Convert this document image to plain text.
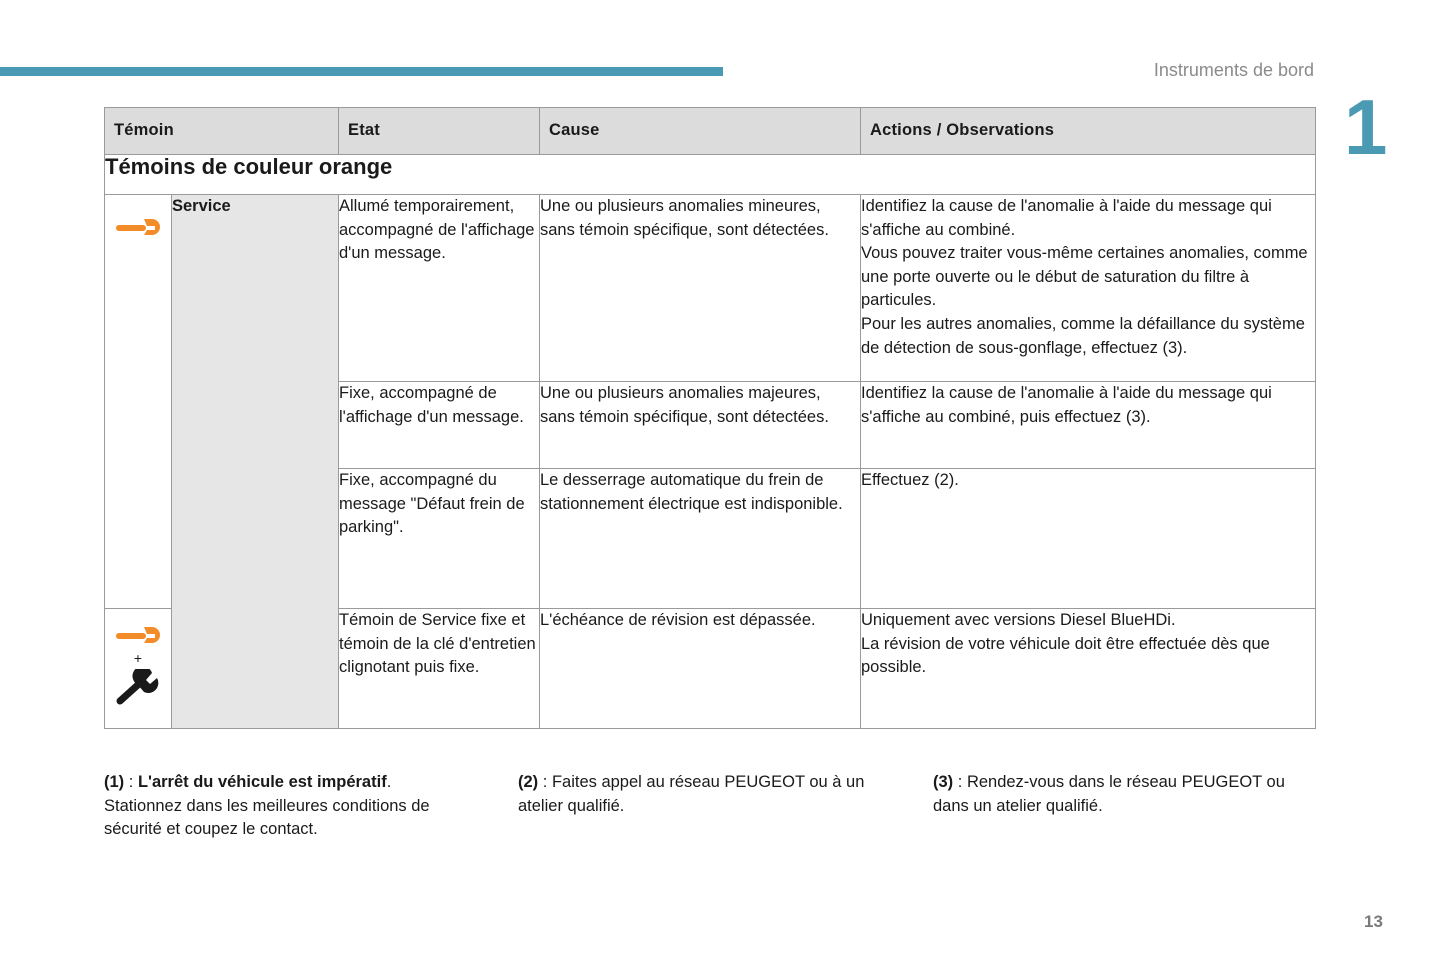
Instruments de bord
1
Témoin		Etat	Cause	Actions / Observations
Témoins de couleur orange				
	Service	Allumé temporairement, accompagné de l'affichage d'un message.	Une ou plusieurs anomalies mineures, sans témoin spécifique, sont détectées.	Identifiez la cause de l'anomalie à l'aide du message qui s'affiche au combiné.
Vous pouvez traiter vous-même certaines anomalies, comme une porte ouverte ou le début de saturation du filtre à particules.
Pour les autres anomalies, comme la défaillance du système de détection de sous-gonflage, effectuez (3).

		Fixe, accompagné de l'affichage d'un message.	Une ou plusieurs anomalies majeures, sans témoin spécifique, sont détectées.	Identifiez la cause de l'anomalie à l'aide du message qui s'affiche au combiné, puis effectuez (3).

		Fixe, accompagné du message "Défaut frein de parking".	Le desserrage automatique du frein de stationnement électrique est indisponible.	Effectuez (2).

+		Témoin de Service fixe et témoin de la clé d'entretien clignotant puis fixe.	L'échéance de révision est dépassée.	Uniquement avec versions Diesel BlueHDi.
La révision de votre véhicule doit être effectuée dès que possible.
(1) : L'arrêt du véhicule est impératif.
Stationnez dans les meilleures conditions de sécurité et coupez le contact.
(2) : Faites appel au réseau PEUGEOT ou à un atelier qualifié.
(3) : Rendez-vous dans le réseau PEUGEOT ou dans un atelier qualifié.
13
